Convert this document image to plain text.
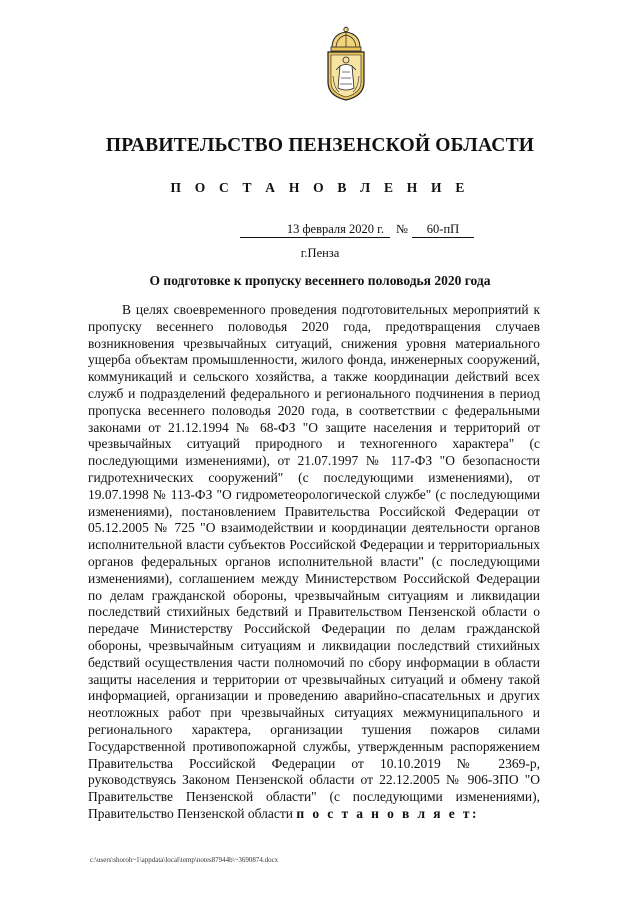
ПРАВИТЕЛЬСТВО ПЕНЗЕНСКОЙ ОБЛАСТИ
П О С Т А Н О В Л Е Н И Е
13 февраля 2020 г. №	60-пП
г.Пенза
О подготовке к пропуску весеннего половодья 2020 года

В целях своевременного проведения подготовительных мероприятий к пропуску весеннего половодья 2020 года, предотвращения случаев возникновения чрезвычайных ситуаций, снижения уровня материального ущерба объектам промышленности, жилого фонда, инженерных сооружений, коммуникаций и сельского хозяйства, а также координации действий всех служб и подразделений федерального и регионального подчинения в период пропуска весеннего половодья 2020 года, в соответствии с федеральными законами от 21.12.1994 № 68-ФЗ "О защите населения и территорий от чрезвычайных ситуаций природного и техногенного характера" (с последующими изменениями), от 21.07.1997 № 117-ФЗ "О безопасности гидротехнических сооружений" (с последующими изменениями), от 19.07.1998 № 113-ФЗ "О гидрометеорологической службе" (с последующими изменениями), постановлением Правительства Российской Федерации от 05.12.2005 № 725 "О взаимодействии и координации деятельности органов исполнительной власти субъектов Российской Федерации и территориальных органов федеральных органов исполнительной власти" (с последующими изменениями), соглашением между Министерством Российской Федерации по делам гражданской обороны, чрезвычайным ситуациям и ликвидации последствий стихийных бедствий и Правительством Пензенской области о передаче Министерству Российской Федерации по делам гражданской обороны, чрезвычайным ситуациям и ликвидации последствий стихийных бедствий осуществления части полномочий по сбору информации в области защиты населения и территории от чрезвычайных ситуаций и обмену такой информацией, организации и проведению аварийно-спасательных и других неотложных работ при чрезвычайных ситуациях межмуниципального и регионального характера, организации тушения пожаров силами Государственной противопожарной службы, утвержденным распоряжением Правительства Российской Федерации от 10.10.2019 № 2369-р, руководствуясь Законом Пензенской области от 22.12.2005 № 906-ЗПО "О Правительстве Пензенской области" (с последующими изменениями), Правительство Пензенской области п о с т а н о в л я е т:

c:\users\shoroh~1\appdata\local\temp\notes87944b\~3690874.docx
